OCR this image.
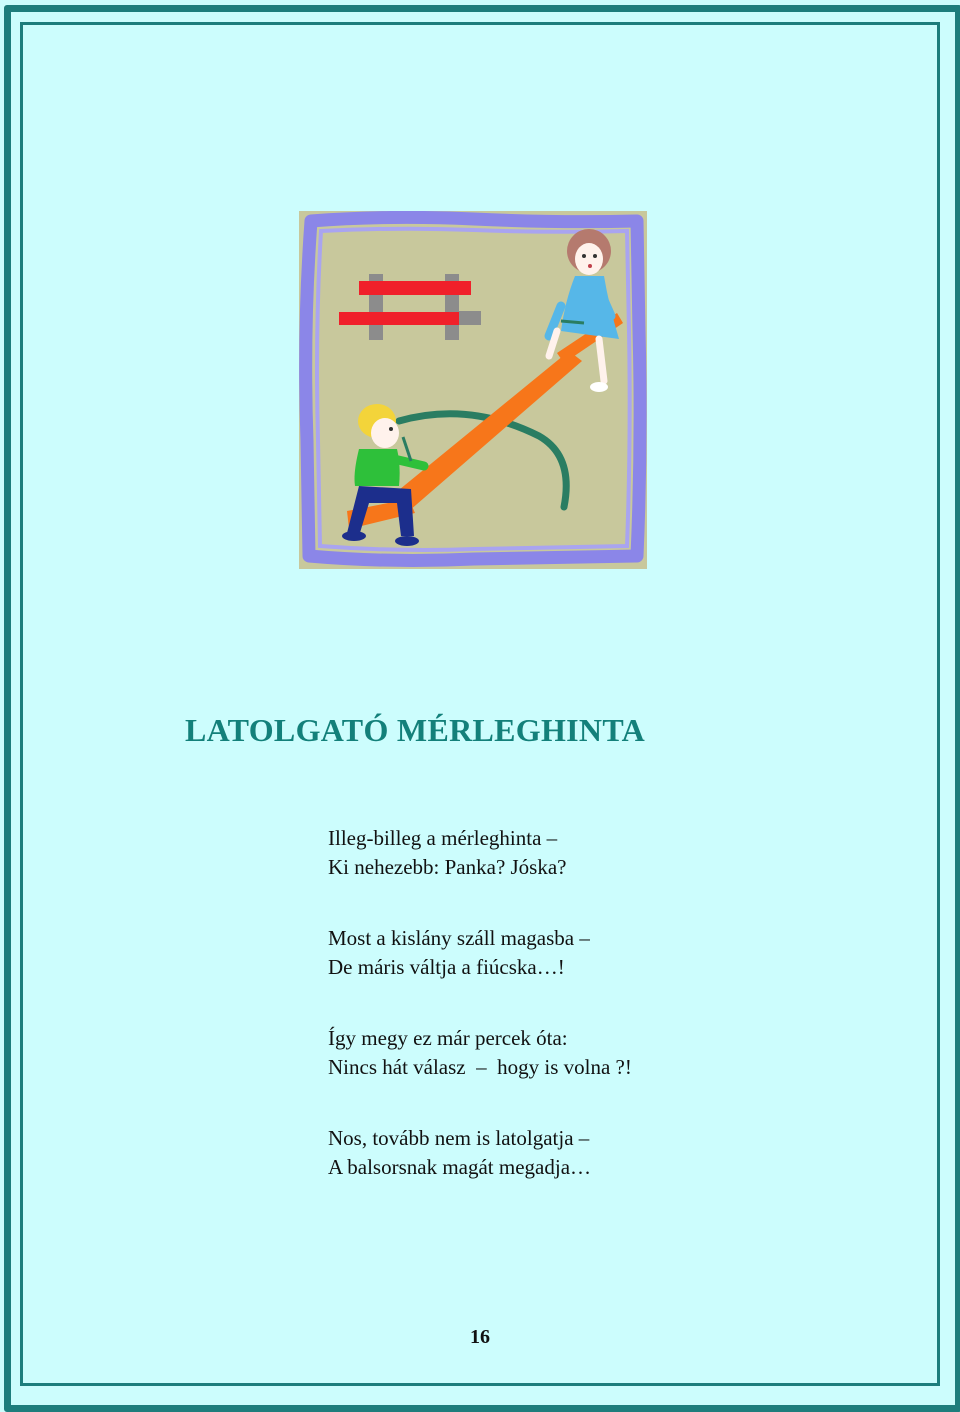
LATOLGATÓ MÉRLEGHINTA
Illeg-billeg a mérleghinta –
Ki nehezebb: Panka? Jóska?
Most a kislány száll magasba –
De máris váltja a fiúcska…!
Így megy ez már percek óta:
Nincs hát válasz  –  hogy is volna ?!
Nos, tovább nem is latolgatja –
A balsorsnak magát megadja…
16
